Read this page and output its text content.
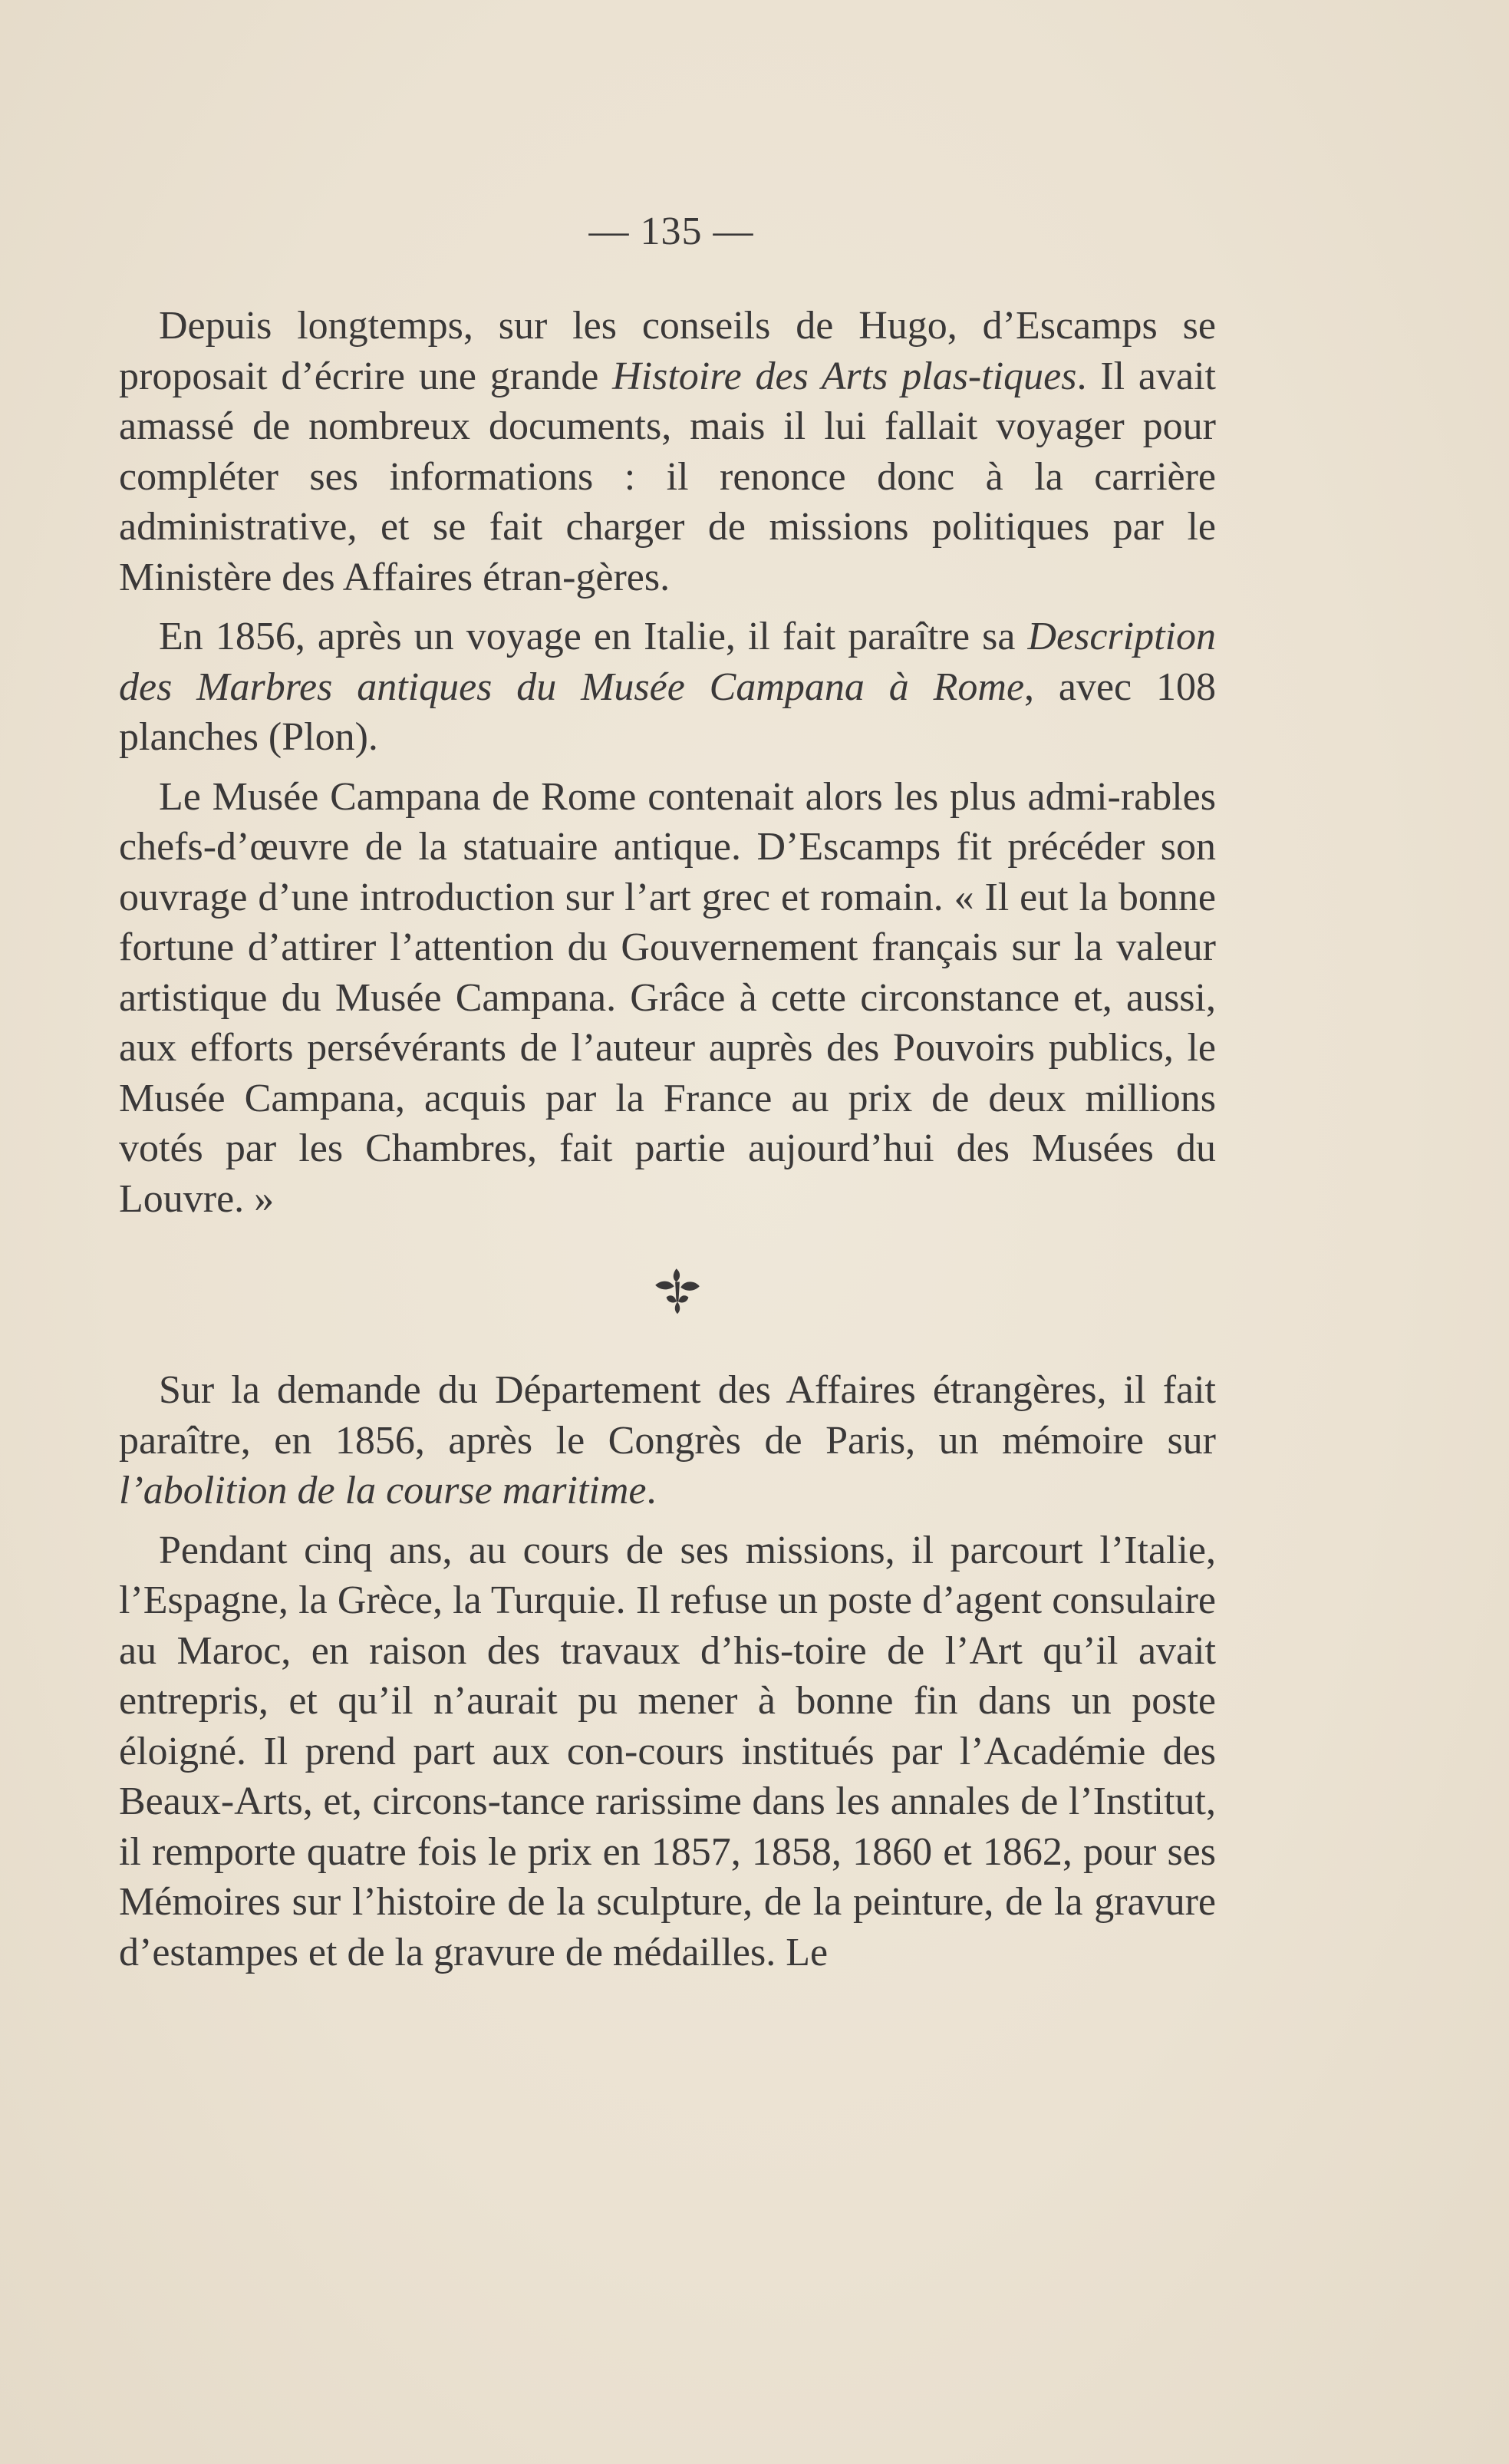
— 135 —
Depuis longtemps, sur les conseils de Hugo, d’Escamps se proposait d’écrire une grande Histoire des Arts plas-tiques. Il avait amassé de nombreux documents, mais il lui fallait voyager pour compléter ses informations : il renonce donc à la carrière administrative, et se fait charger de missions politiques par le Ministère des Affaires étran-gères.
En 1856, après un voyage en Italie, il fait paraître sa Description des Marbres antiques du Musée Campana à Rome, avec 108 planches (Plon).
Le Musée Campana de Rome contenait alors les plus admi-rables chefs-d’œuvre de la statuaire antique. D’Escamps fit précéder son ouvrage d’une introduction sur l’art grec et romain. « Il eut la bonne fortune d’attirer l’attention du Gouvernement français sur la valeur artistique du Musée Campana. Grâce à cette circonstance et, aussi, aux efforts persévérants de l’auteur auprès des Pouvoirs publics, le Musée Campana, acquis par la France au prix de deux millions votés par les Chambres, fait partie aujourd’hui des Musées du Louvre. »
Sur la demande du Département des Affaires étrangères, il fait paraître, en 1856, après le Congrès de Paris, un mémoire sur l’abolition de la course maritime.
Pendant cinq ans, au cours de ses missions, il parcourt l’Italie, l’Espagne, la Grèce, la Turquie. Il refuse un poste d’agent consulaire au Maroc, en raison des travaux d’his-toire de l’Art qu’il avait entrepris, et qu’il n’aurait pu mener à bonne fin dans un poste éloigné. Il prend part aux con-cours institués par l’Académie des Beaux-Arts, et, circons-tance rarissime dans les annales de l’Institut, il remporte quatre fois le prix en 1857, 1858, 1860 et 1862, pour ses Mémoires sur l’histoire de la sculpture, de la peinture, de la gravure d’estampes et de la gravure de médailles. Le
